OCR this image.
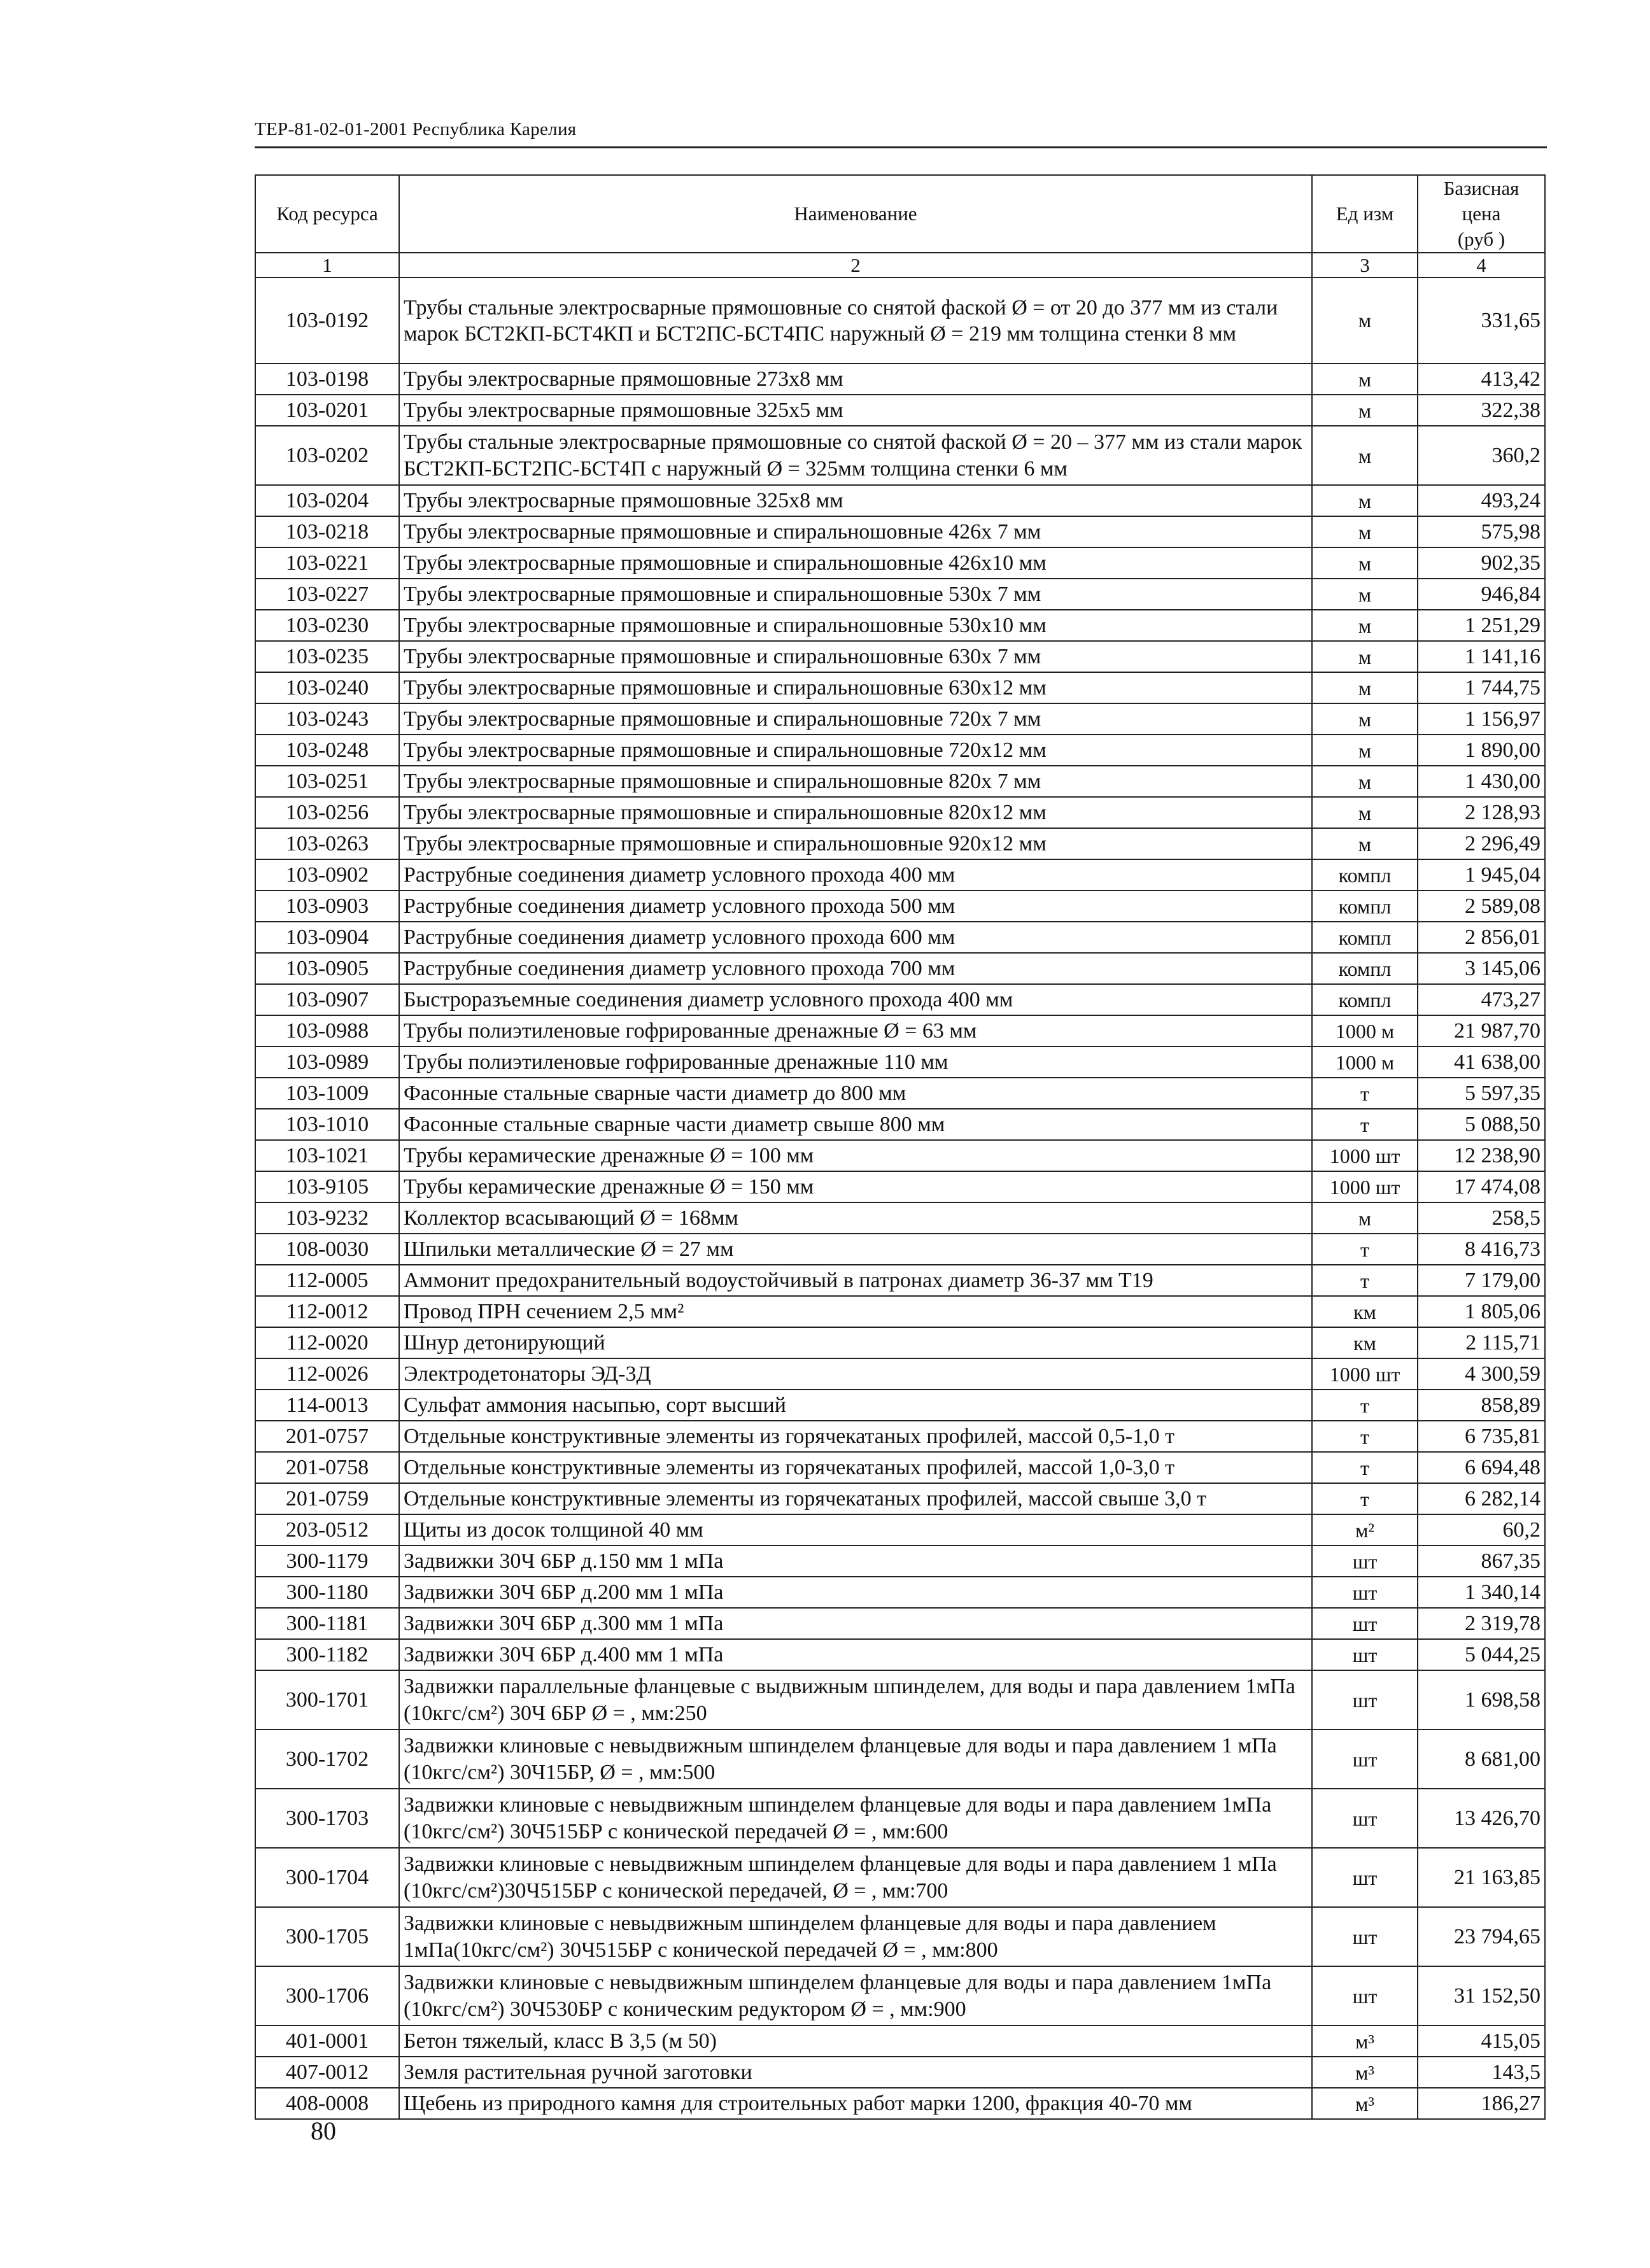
ТЕР-81-02-01-2001 Республика Карелия
Код ресурса	Наименование	Ед изм	Базисная цена
(руб )

1	2	3	4
103-0192	Трубы стальные электросварные прямошовные со снятой фаской Ø = от 20 до 377 мм из стали марок БСТ2КП-БСТ4КП и БСТ2ПС-БСТ4ПС наружный Ø = 219 мм толщина стенки 8 мм	м	331,65
103-0198	Трубы электросварные прямошовные 273x8 мм	м	413,42
103-0201	Трубы электросварные прямошовные 325x5 мм	м	322,38
103-0202	Трубы стальные электросварные прямошовные со снятой фаской Ø = 20 – 377 мм из стали марок БСТ2КП-БСТ2ПС-БСТ4П с наружный Ø = 325мм толщина стенки 6 мм	м	360,2
103-0204	Трубы электросварные прямошовные 325x8 мм	м	493,24
103-0218	Трубы электросварные прямошовные и спиральношовные 426x 7 мм	м	575,98
103-0221	Трубы электросварные прямошовные и спиральношовные 426x10 мм	м	902,35
103-0227	Трубы электросварные прямошовные и спиральношовные 530x 7 мм	м	946,84
103-0230	Трубы электросварные прямошовные и спиральношовные 530x10 мм	м	1 251,29
103-0235	Трубы электросварные прямошовные и спиральношовные 630x 7 мм	м	1 141,16
103-0240	Трубы электросварные прямошовные и спиральношовные 630x12 мм	м	1 744,75
103-0243	Трубы электросварные прямошовные и спиральношовные 720x 7 мм	м	1 156,97
103-0248	Трубы электросварные прямошовные и спиральношовные 720x12 мм	м	1 890,00
103-0251	Трубы электросварные прямошовные и спиральношовные 820x 7 мм	м	1 430,00
103-0256	Трубы электросварные прямошовные и спиральношовные 820x12 мм	м	2 128,93
103-0263	Трубы электросварные прямошовные и спиральношовные 920x12 мм	м	2 296,49
103-0902	Раструбные соединения диаметр условного прохода 400 мм	компл	1 945,04
103-0903	Раструбные соединения диаметр условного прохода 500 мм	компл	2 589,08
103-0904	Раструбные соединения диаметр условного прохода 600 мм	компл	2 856,01
103-0905	Раструбные соединения диаметр условного прохода 700 мм	компл	3 145,06
103-0907	Быстроразъемные соединения диаметр условного прохода 400 мм	компл	473,27
103-0988	Трубы полиэтиленовые гофрированные дренажные Ø = 63 мм	1000 м	21 987,70
103-0989	Трубы полиэтиленовые гофрированные дренажные 110 мм	1000 м	41 638,00
103-1009	Фасонные стальные сварные части диаметр до 800 мм	т	5 597,35
103-1010	Фасонные стальные сварные части диаметр свыше 800 мм	т	5 088,50
103-1021	Трубы керамические дренажные Ø = 100 мм	1000 шт	12 238,90
103-9105	Трубы керамические дренажные Ø = 150 мм	1000 шт	17 474,08
103-9232	Коллектор всасывающий Ø = 168мм	м	258,5
108-0030	Шпильки металлические Ø = 27 мм	т	8 416,73
112-0005	Аммонит предохранительный водоустойчивый в патронах диаметр 36-37 мм Т19	т	7 179,00
112-0012	Провод ПРН сечением 2,5 мм²	км	1 805,06
112-0020	Шнур детонирующий	км	2 115,71
112-0026	Электродетонаторы ЭД-3Д	1000 шт	4 300,59
114-0013	Сульфат аммония насыпью, сорт высший	т	858,89
201-0757	Отдельные конструктивные элементы из горячекатаных профилей, массой 0,5-1,0 т	т	6 735,81
201-0758	Отдельные конструктивные элементы из горячекатаных профилей, массой 1,0-3,0 т	т	6 694,48
201-0759	Отдельные конструктивные элементы из горячекатаных профилей, массой свыше 3,0 т	т	6 282,14
203-0512	Щиты из досок толщиной 40 мм	м²	60,2
300-1179	Задвижки 30Ч 6БР д.150 мм 1 мПа	шт	867,35
300-1180	Задвижки 30Ч 6БР д.200 мм 1 мПа	шт	1 340,14
300-1181	Задвижки 30Ч 6БР д.300 мм 1 мПа	шт	2 319,78
300-1182	Задвижки 30Ч 6БР д.400 мм 1 мПа	шт	5 044,25
300-1701	Задвижки параллельные фланцевые с выдвижным шпинделем, для воды и пара давлением 1мПа (10кгс/см²) 30Ч 6БР Ø = , мм:250	шт	1 698,58
300-1702	Задвижки клиновые с невыдвижным шпинделем фланцевые для воды и пара давлением 1 мПа (10кгс/см²) 30Ч15БР, Ø = , мм:500	шт	8 681,00
300-1703	Задвижки клиновые с невыдвижным шпинделем фланцевые для воды и пара давлением 1мПа (10кгс/см²) 30Ч515БР с конической передачей Ø = , мм:600	шт	13 426,70
300-1704	Задвижки клиновые с невыдвижным шпинделем фланцевые для воды и пара давлением 1 мПа (10кгс/см²)30Ч515БР с конической передачей, Ø = , мм:700	шт	21 163,85
300-1705	Задвижки клиновые с невыдвижным шпинделем фланцевые для воды и пара давлением 1мПа(10кгс/см²) 30Ч515БР с конической передачей Ø = , мм:800	шт	23 794,65
300-1706	Задвижки клиновые с невыдвижным шпинделем фланцевые для воды и пара давлением 1мПа (10кгс/см²) 30Ч530БР с коническим редуктором Ø = , мм:900	шт	31 152,50
401-0001	Бетон тяжелый, класс В 3,5 (м 50)	м³	415,05
407-0012	Земля растительная ручной заготовки	м³	143,5
408-0008	Щебень из природного камня для строительных работ марки 1200, фракция 40-70 мм	м³	186,27
80
